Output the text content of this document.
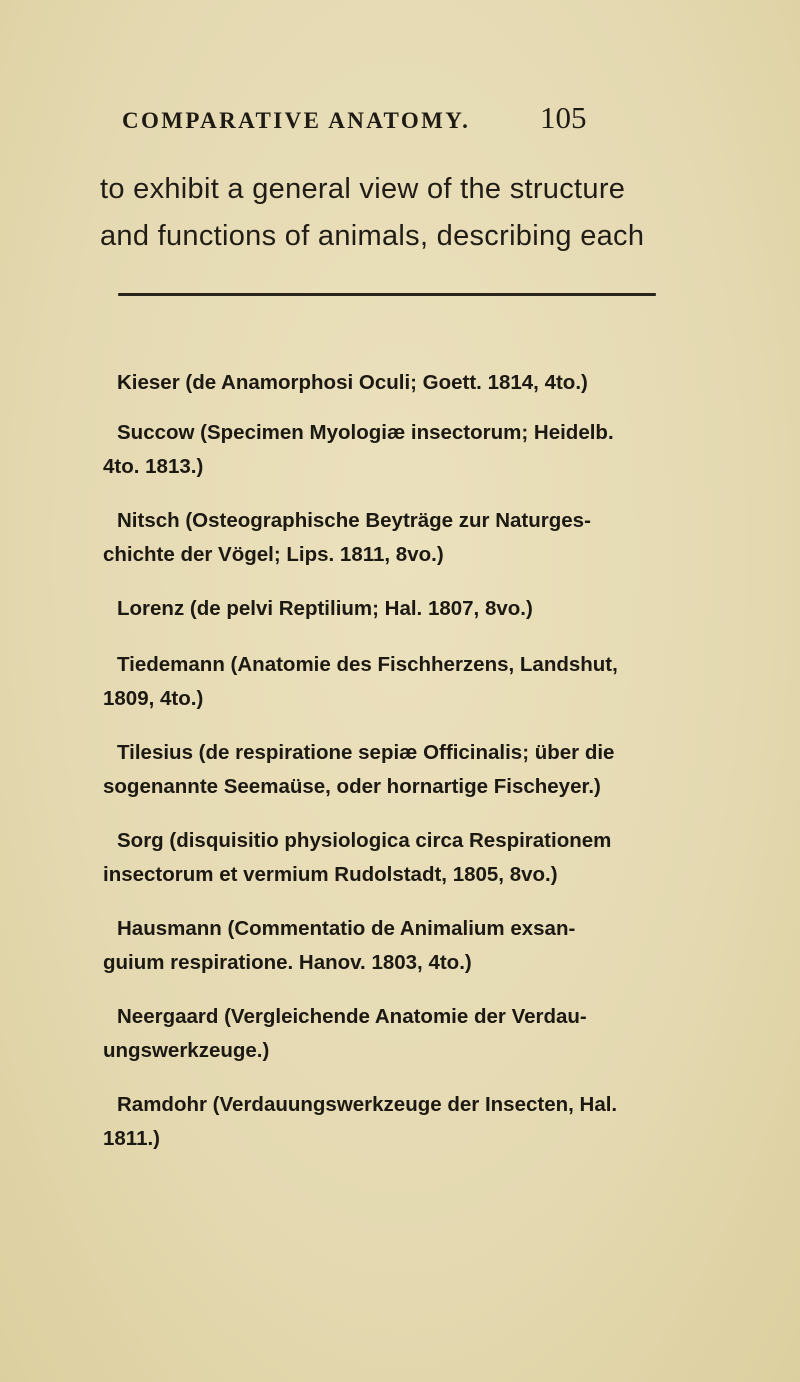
COMPARATIVE ANATOMY. 105

to exhibit a general view of the structure

and functions of animals, describing each

Kieser (de Anamorphosi Oculi; Goett. 1814, 4to.)
Succow (Specimen Myologiæ insectorum; Heidelb.
4to. 1813.)
Nitsch (Osteographische Beyträge zur Naturges-
chichte der Vögel; Lips. 1811, 8vo.)
Lorenz (de pelvi Reptilium; Hal. 1807, 8vo.)
Tiedemann (Anatomie des Fischherzens, Landshut,
1809, 4to.)
Tilesius (de respiratione sepiæ Officinalis; über die
sogenannte Seemaüse, oder hornartige Fischeyer.)
Sorg (disquisitio physiologica circa Respirationem
insectorum et vermium Rudolstadt, 1805, 8vo.)
Hausmann (Commentatio de Animalium exsan-
guium respiratione. Hanov. 1803, 4to.)
Neergaard (Vergleichende Anatomie der Verdau-
ungswerkzeuge.)
Ramdohr (Verdauungswerkzeuge der Insecten, Hal.
1811.)
